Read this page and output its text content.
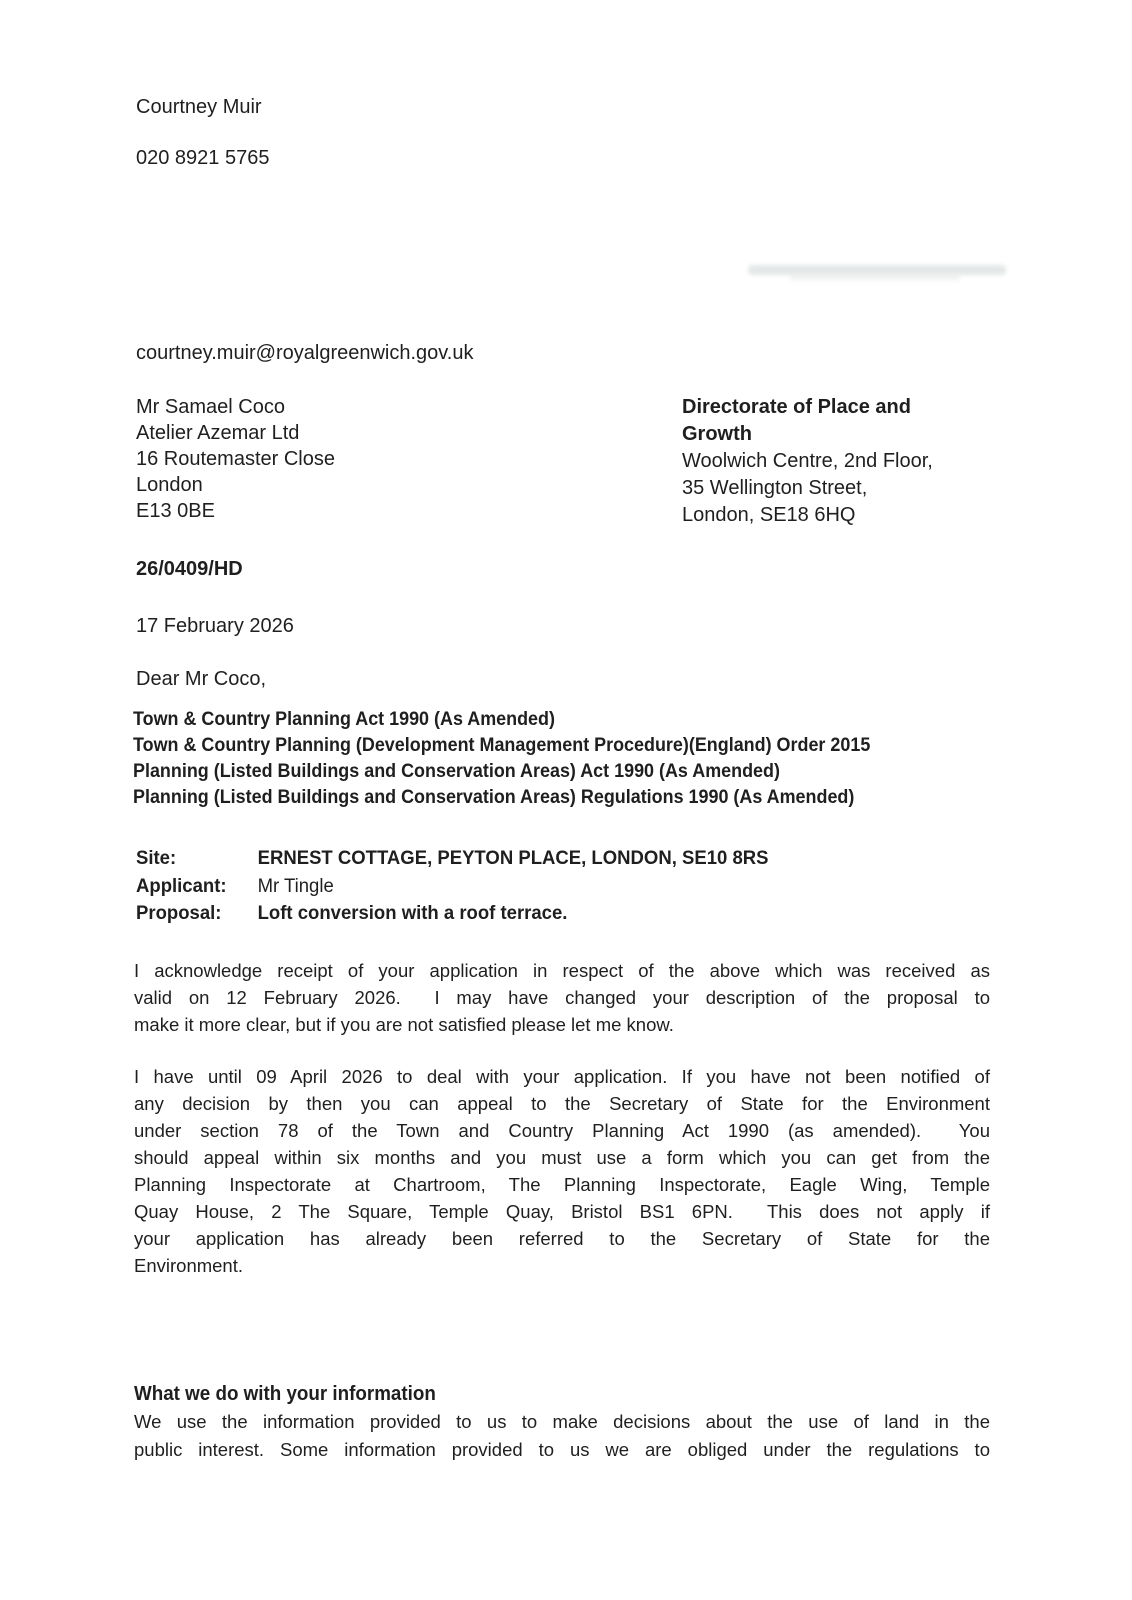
Courtney Muir
020 8921 5765
courtney.muir@royalgreenwich.gov.uk
Mr Samael Coco
Atelier Azemar Ltd
16 Routemaster Close
London
E13 0BE
Directorate of Place and
Growth
Woolwich Centre, 2nd Floor,
35 Wellington Street,
London, SE18 6HQ
26/0409/HD
17 February 2026
Dear Mr Coco,
Town & Country Planning Act 1990 (As Amended)
Town & Country Planning (Development Management Procedure)(England) Order 2015
Planning (Listed Buildings and Conservation Areas) Act 1990 (As Amended)
Planning (Listed Buildings and Conservation Areas) Regulations 1990 (As Amended)
Site:	ERNEST COTTAGE, PEYTON PLACE, LONDON, SE10 8RS
Applicant:	Mr Tingle
Proposal:	Loft conversion with a roof terrace.
I acknowledge receipt of your application in respect of the above which was received as
valid on 12 February 2026.  I may have changed your description of the proposal to
make it more clear, but if you are not satisfied please let me know.
I have until 09 April 2026 to deal with your application. If you have not been notified of
any decision by then you can appeal to the Secretary of State for the Environment
under section 78 of the Town and Country Planning Act 1990 (as amended).  You
should appeal within six months and you must use a form which you can get from the
Planning Inspectorate at Chartroom, The Planning Inspectorate, Eagle Wing, Temple
Quay House, 2 The Square, Temple Quay, Bristol BS1 6PN.  This does not apply if
your application has already been referred to the Secretary of State for the
Environment.
What we do with your information
We use the information provided to us to make decisions about the use of land in the
public interest. Some information provided to us we are obliged under the regulations to
